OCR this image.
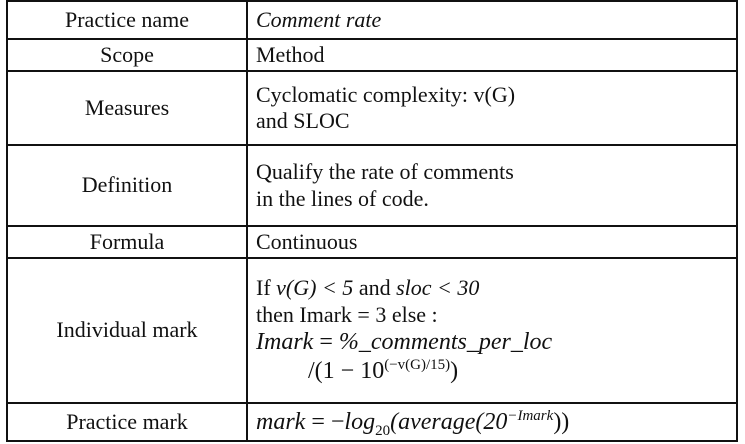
Practice name	Comment rate

Scope	Method

Measures	Cyclomatic complexity: v(G)
and SLOC

Definition	Qualify the rate of comments
in the lines of code.

Formula	Continuous

Individual mark	If v(G) < 5 and sloc < 30
then Imark = 3 else :
Imark = %_comments_per_loc
$/(1 - 10^{(-v(G)/15)})$

Practice mark	mark = $-\log_{20}(average(20^{-Imark}))$
